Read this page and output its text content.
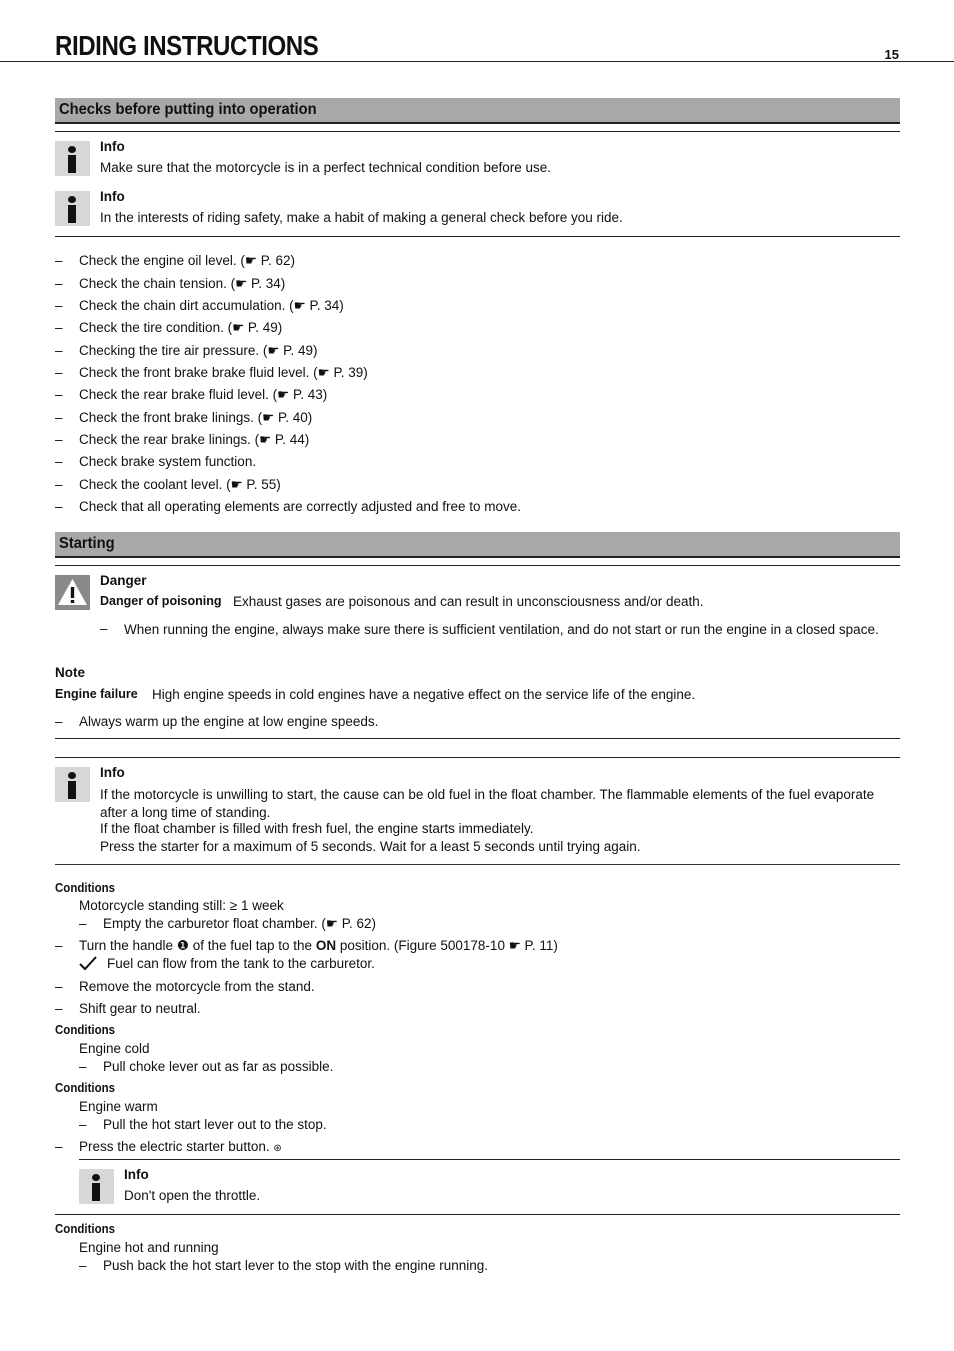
RIDING INSTRUCTIONS	15
Checks before putting into operation
Info
Make sure that the motorcycle is in a perfect technical condition before use.
Info
In the interests of riding safety, make a habit of making a general check before you ride.
– Check the engine oil level. (☛ P. 62)
– Check the chain tension. (☛ P. 34)
– Check the chain dirt accumulation. (☛ P. 34)
– Check the tire condition. (☛ P. 49)
– Checking the tire air pressure. (☛ P. 49)
– Check the front brake brake fluid level. (☛ P. 39)
– Check the rear brake fluid level. (☛ P. 43)
– Check the front brake linings. (☛ P. 40)
– Check the rear brake linings. (☛ P. 44)
– Check brake system function.
– Check the coolant level. (☛ P. 55)
– Check that all operating elements are correctly adjusted and free to move.
Starting
Danger
Danger of poisoning Exhaust gases are poisonous and can result in unconsciousness and/or death.
– When running the engine, always make sure there is sufficient ventilation, and do not start or run the engine in a closed space.
Note
Engine failure High engine speeds in cold engines have a negative effect on the service life of the engine.
– Always warm up the engine at low engine speeds.
Info
If the motorcycle is unwilling to start, the cause can be old fuel in the float chamber. The flammable elements of the fuel evaporate after a long time of standing.
If the float chamber is filled with fresh fuel, the engine starts immediately.
Press the starter for a maximum of 5 seconds. Wait for a least 5 seconds until trying again.
Conditions
Motorcycle standing still: ≥ 1 week
– Empty the carburetor float chamber. (☛ P. 62)
– Turn the handle ❶ of the fuel tap to the ON position. (Figure 500178-10 ☛ P. 11)
Fuel can flow from the tank to the carburetor.
– Remove the motorcycle from the stand.
– Shift gear to neutral.
Conditions
Engine cold
– Pull choke lever out as far as possible.
Conditions
Engine warm
– Pull the hot start lever out to the stop.
– Press the electric starter button. ⊛
Info
Don't open the throttle.
Conditions
Engine hot and running
– Push back the hot start lever to the stop with the engine running.
